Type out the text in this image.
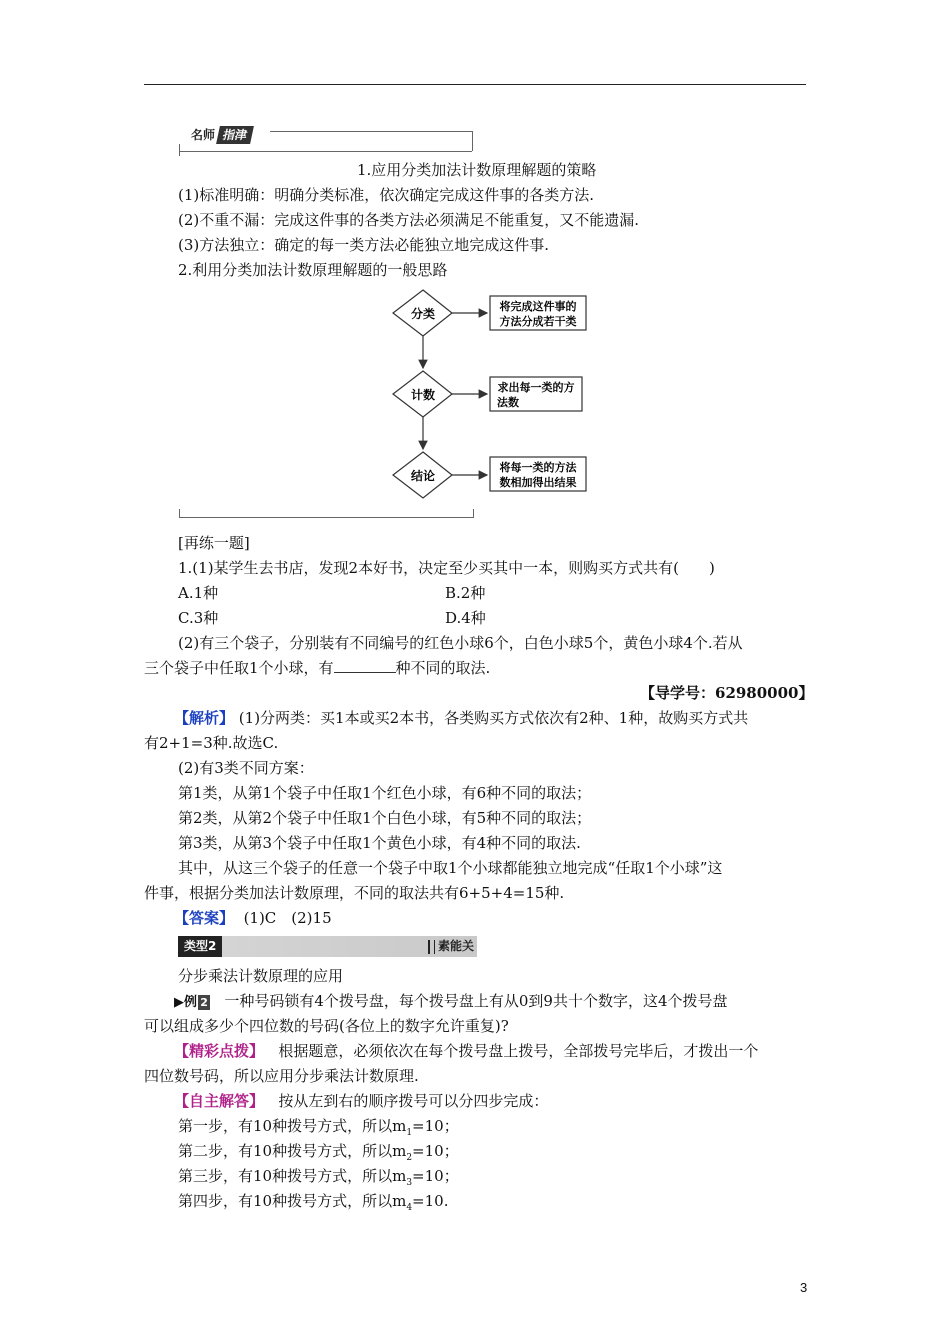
名师 指津
1.应用分类加法计数原理解题的策略
(1)标准明确：明确分类标准，依次确定完成这件事的各类方法.
(2)不重不漏：完成这件事的各类方法必须满足不能重复，又不能遗漏.
(3)方法独立：确定的每一类方法必能独立地完成这件事.
2.利用分类加法计数原理解题的一般思路
分类
将完成这件事的
方法分成若干类
计数
求出每一类的方
法数
结论
将每一类的方法
数相加得出结果
[再练一题]
1.(1)某学生去书店，发现2本好书，决定至少买其中一本，则购买方式共有(　　)
A.1种	B.2种
C.3种	D.4种
(2)有三个袋子，分别装有不同编号的红色小球6个，白色小球5个，黄色小球4个.若从
三个袋子中任取1个小球，有	种不同的取法.
【导学号：62980000】
【解析】 (1)分两类：买1本或买2本书，各类购买方式依次有2种、1种，故购买方式共
有2+1=3种.故选C.
(2)有3类不同方案：
第1类，从第1个袋子中任取1个红色小球，有6种不同的取法；
第2类，从第2个袋子中任取1个白色小球，有5种不同的取法；
第3类，从第3个袋子中任取1个黄色小球，有4种不同的取法.
其中，从这三个袋子的任意一个袋子中取1个小球都能独立地完成“任取1个小球”这
件事，根据分类加法计数原理，不同的取法共有6+5+4=15种.
【答案】 (1)C　(2)15
类型2	素能关
分步乘法计数原理的应用
▶例 2 一种号码锁有4个拨号盘，每个拨号盘上有从0到9共十个数字，这4个拨号盘
可以组成多少个四位数的号码(各位上的数字允许重复)?
【精彩点拨】 根据题意，必须依次在每个拨号盘上拨号，全部拨号完毕后，才拨出一个
四位数号码，所以应用分步乘法计数原理.
【自主解答】 按从左到右的顺序拨号可以分四步完成：
第一步，有10种拨号方式，所以$m_1=10$；
第二步，有10种拨号方式，所以$m_2=10$；
第三步，有10种拨号方式，所以$m_3=10$；
第四步，有10种拨号方式，所以$m_4=10$.
3
